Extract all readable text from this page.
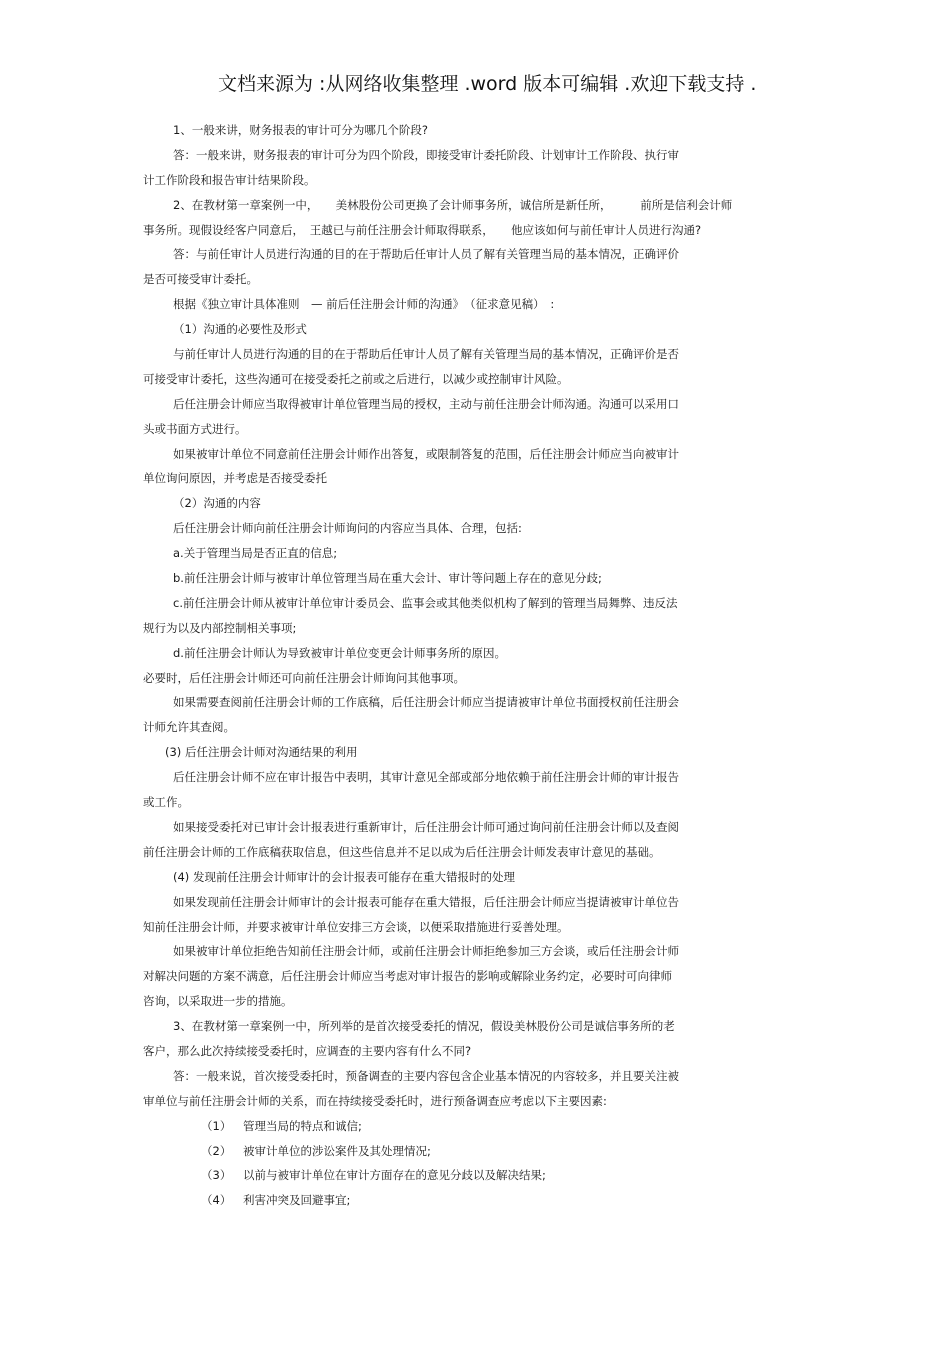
文档来源为 :从网络收集整理 .word 版本可编辑 .欢迎下载支持 .
1、一般来讲，财务报表的审计可分为哪几个阶段?
答：一般来讲，财务报表的审计可分为四个阶段，即接受审计委托阶段、计划审计工作阶段、执行审
计工作阶段和报告审计结果阶段。
2、在教材第一章案例一中，　　美林股份公司更换了会计师事务所，诚信所是新任所，　　　前所是信利会计师
事务所。现假设经客户同意后，　王越已与前任注册会计师取得联系，　　他应该如何与前任审计人员进行沟通?
答：与前任审计人员进行沟通的目的在于帮助后任审计人员了解有关管理当局的基本情况，正确评价
是否可接受审计委托。
根据《独立审计具体准则　— 前后任注册会计师的沟通》　（征求意见稿）　:
（1）沟通的必要性及形式
与前任审计人员进行沟通的目的在于帮助后任审计人员了解有关管理当局的基本情况，正确评价是否
可接受审计委托，这些沟通可在接受委托之前或之后进行，以减少或控制审计风险。
后任注册会计师应当取得被审计单位管理当局的授权，主动与前任注册会计师沟通。沟通可以采用口
头或书面方式进行。
如果被审计单位不同意前任注册会计师作出答复，或限制答复的范围，后任注册会计师应当向被审计
单位询问原因，并考虑是否接受委托
（2）沟通的内容
后任注册会计师向前任注册会计师询问的内容应当具体、合理，包括:
a.关于管理当局是否正直的信息;
b.前任注册会计师与被审计单位管理当局在重大会计、审计等问题上存在的意见分歧;
c.前任注册会计师从被审计单位审计委员会、监事会或其他类似机构了解到的管理当局舞弊、违反法
规行为以及内部控制相关事项;
d.前任注册会计师认为导致被审计单位变更会计师事务所的原因。
必要时，后任注册会计师还可向前任注册会计师询问其他事项。
如果需要查阅前任注册会计师的工作底稿，后任注册会计师应当提请被审计单位书面授权前任注册会
计师允许其查阅。
(3) 后任注册会计师对沟通结果的利用
后任注册会计师不应在审计报告中表明，其审计意见全部或部分地依赖于前任注册会计师的审计报告
或工作。
如果接受委托对已审计会计报表进行重新审计，后任注册会计师可通过询问前任注册会计师以及查阅
前任注册会计师的工作底稿获取信息，但这些信息并不足以成为后任注册会计师发表审计意见的基础。
(4) 发现前任注册会计师审计的会计报表可能存在重大错报时的处理
如果发现前任注册会计师审计的会计报表可能存在重大错报，后任注册会计师应当提请被审计单位告
知前任注册会计师，并要求被审计单位安排三方会谈，以便采取措施进行妥善处理。
如果被审计单位拒绝告知前任注册会计师，或前任注册会计师拒绝参加三方会谈，或后任注册会计师
对解决问题的方案不满意，后任注册会计师应当考虑对审计报告的影响或解除业务约定，必要时可向律师
咨询，以采取进一步的措施。
3、在教材第一章案例一中，所列举的是首次接受委托的情况，假设美林股份公司是诚信事务所的老
客户，那么此次持续接受委托时，应调查的主要内容有什么不同?
答：一般来说，首次接受委托时，预备调查的主要内容包含企业基本情况的内容较多，并且要关注被
审单位与前任注册会计师的关系，而在持续接受委托时，进行预备调查应考虑以下主要因素:
（1） 管理当局的特点和诚信;
（2） 被审计单位的涉讼案件及其处理情况;
（3） 以前与被审计单位在审计方面存在的意见分歧以及解决结果;
（4） 利害冲突及回避事宜;
